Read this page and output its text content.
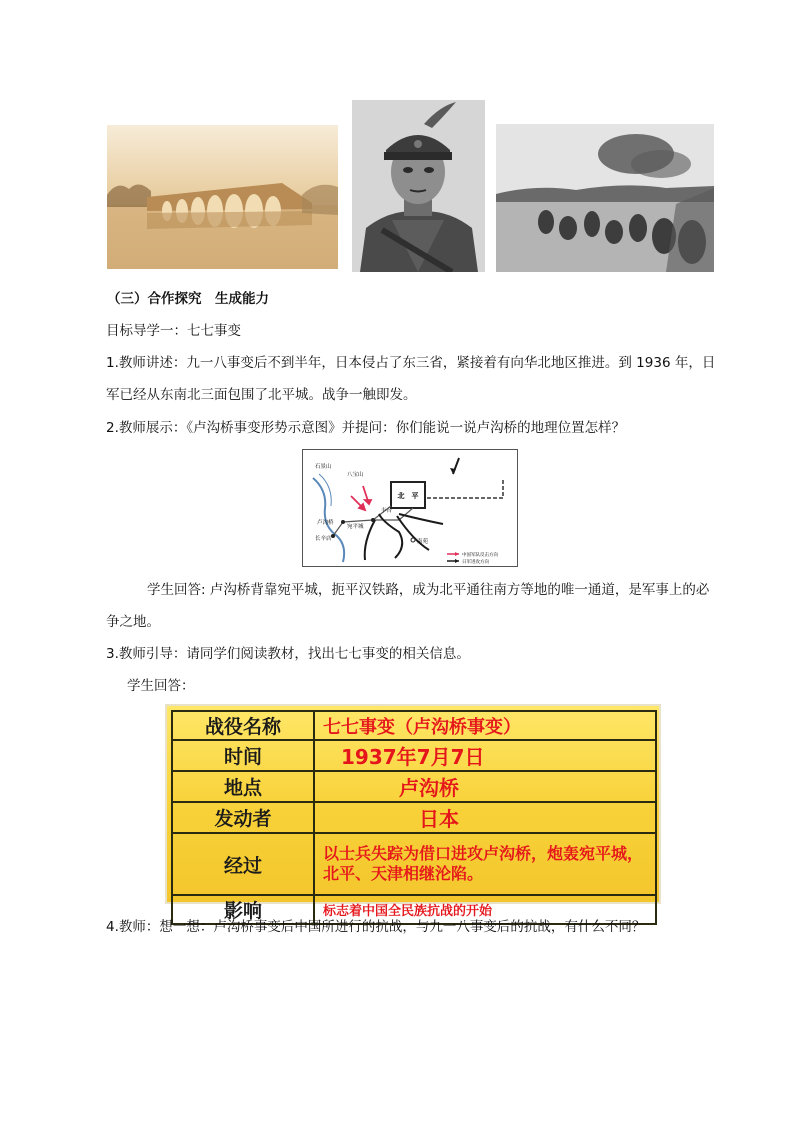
（三）合作探究　生成能力
目标导学一：七七事变
1.教师讲述：九一八事变后不到半年，日本侵占了东三省，紧接着有向华北地区推进。到 1936 年，日
军已经从东南北三面包围了北平城。战争一触即发。
2.教师展示：《卢沟桥事变形势示意图》并提问：你们能说一说卢沟桥的地理位置怎样？
北　平
石景山
八宝山
卢沟桥
宛平城
丰台
长辛店	南苑
中国军队反击方向
日军进攻方向
学生回答: 卢沟桥背靠宛平城，扼平汉铁路，成为北平通往南方等地的唯一通道，是军事上的必
争之地。
3.教师引导：请同学们阅读教材，找出七七事变的相关信息。
学生回答：
战役名称	七七事变（卢沟桥事变）
时间	1937年7月7日
地点	卢沟桥
发动者	日本
经过	以士兵失踪为借口进攻卢沟桥，炮轰宛平城，北平、天津相继沦陷。
影响	标志着中国全民族抗战的开始
4.教师：想一想：卢沟桥事变后中国所进行的抗战，与九一八事变后的抗战，有什么不同？
